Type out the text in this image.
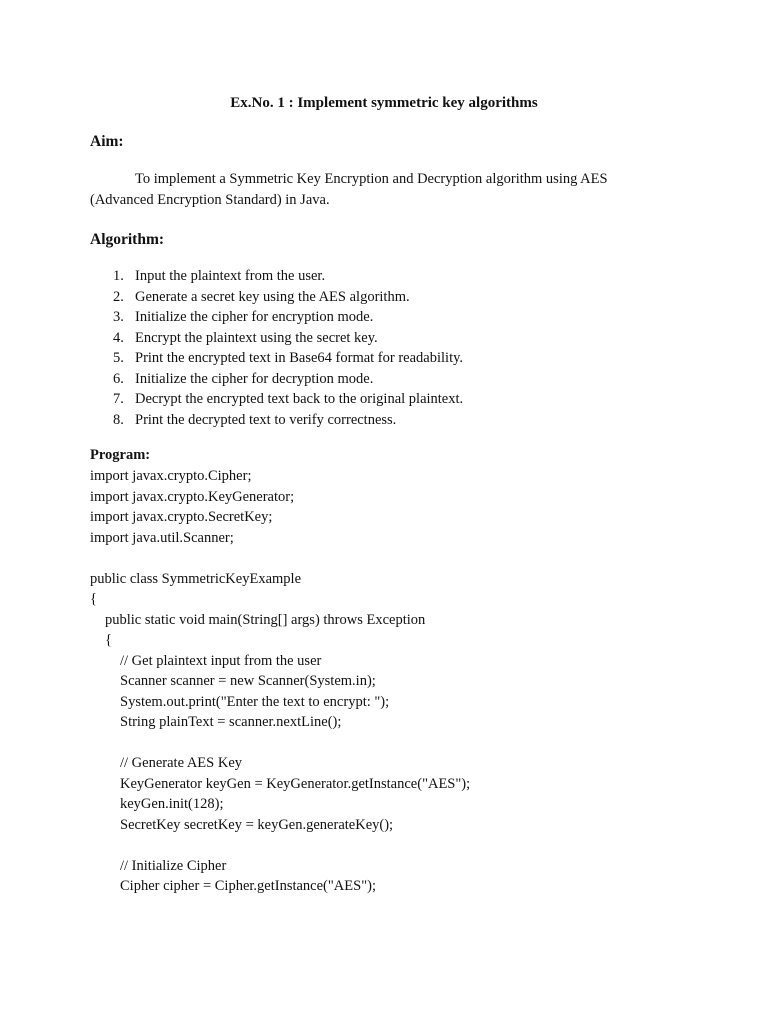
Ex.No. 1 : Implement symmetric key algorithms
Aim:

To implement a Symmetric Key Encryption and Decryption algorithm using AES (Advanced Encryption Standard) in Java.

Algorithm:
1. Input the plaintext from the user.
2. Generate a secret key using the AES algorithm.
3. Initialize the cipher for encryption mode.
4. Encrypt the plaintext using the secret key.
5. Print the encrypted text in Base64 format for readability.
6. Initialize the cipher for decryption mode.
7. Decrypt the encrypted text back to the original plaintext.
8. Print the decrypted text to verify correctness.
Program:
import javax.crypto.Cipher;
import javax.crypto.KeyGenerator;
import javax.crypto.SecretKey;
import java.util.Scanner;
public class SymmetricKeyExample
{
public static void main(String[] args) throws Exception
{
// Get plaintext input from the user
Scanner scanner = new Scanner(System.in);
System.out.print("Enter the text to encrypt: ");
String plainText = scanner.nextLine();
// Generate AES Key
KeyGenerator keyGen = KeyGenerator.getInstance("AES");
keyGen.init(128);
SecretKey secretKey = keyGen.generateKey();
// Initialize Cipher
Cipher cipher = Cipher.getInstance("AES");
